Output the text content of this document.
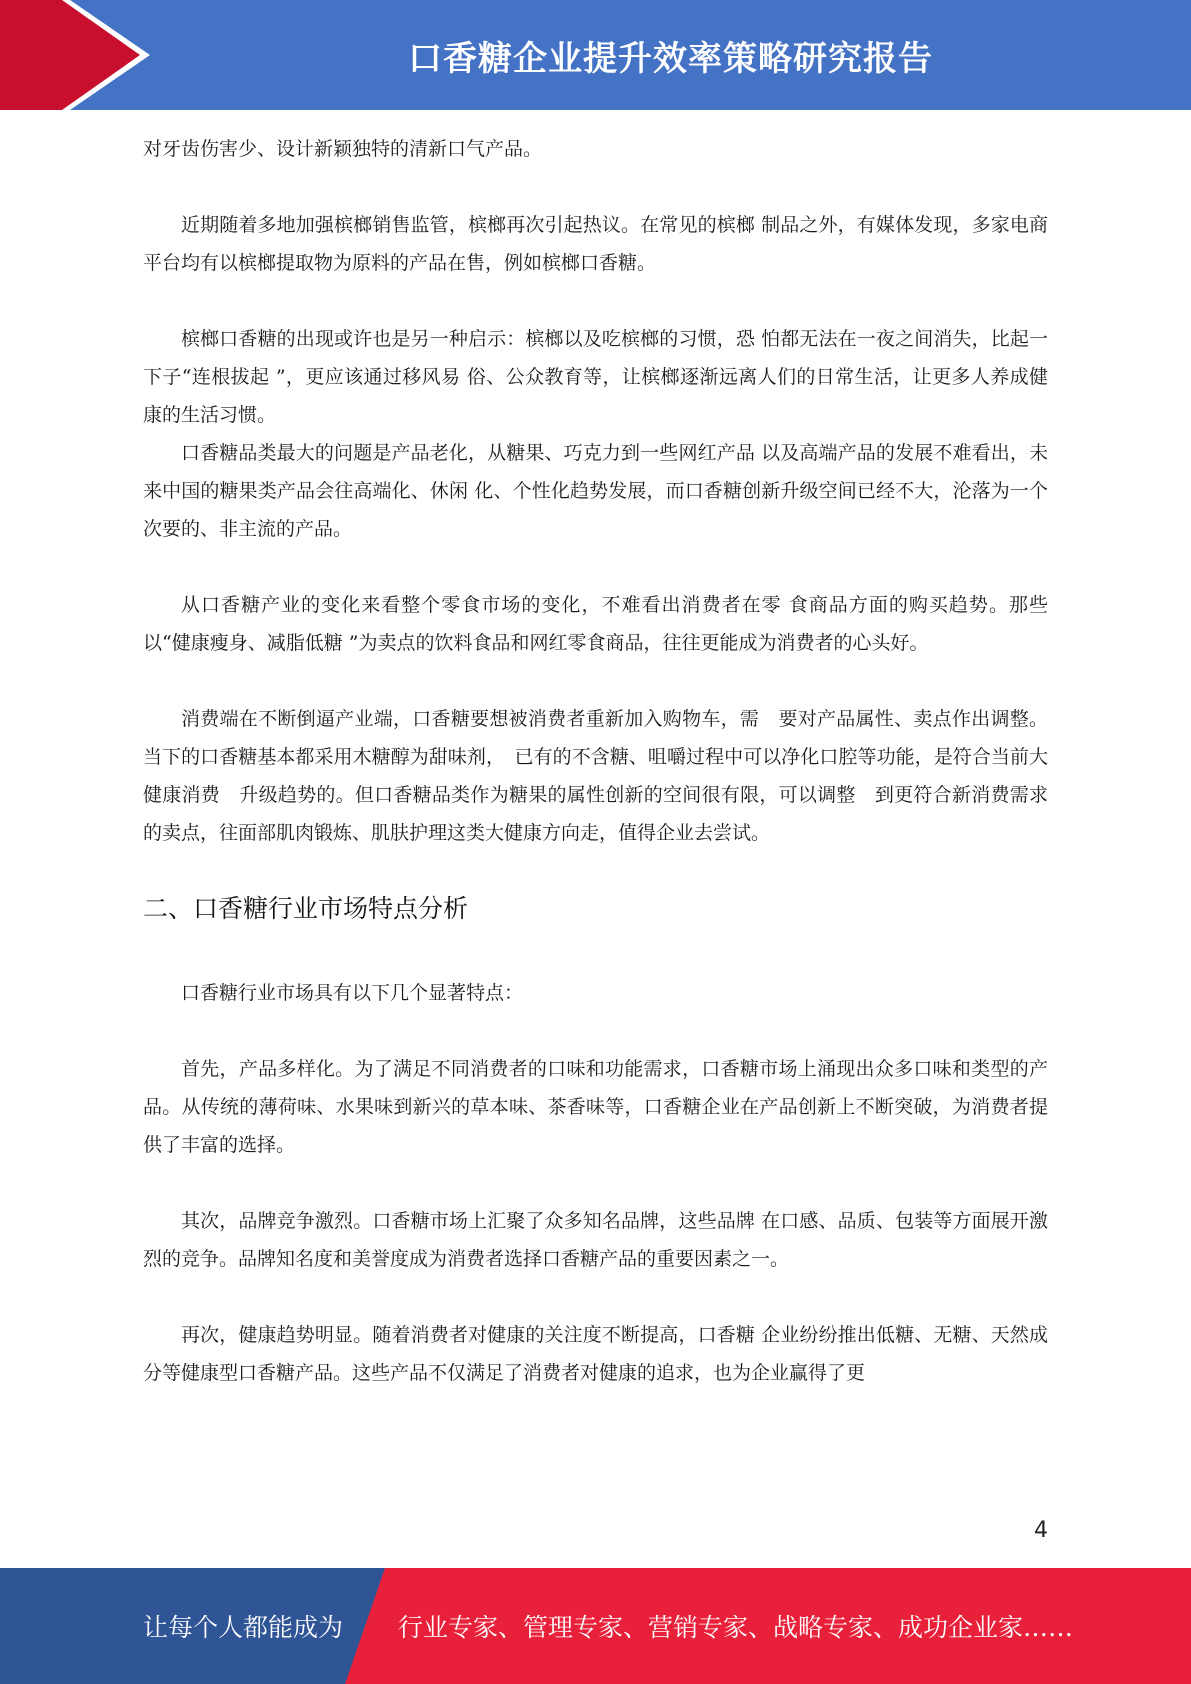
口香糖企业提升效率策略研究报告

对牙齿伤害少、设计新颖独特的清新口气产品。

近期随着多地加强槟榔销售监管，槟榔再次引起热议。在常见的槟榔 制品之外，有媒体发现，多家电商平台均有以槟榔提取物为原料的产品在售，例如槟榔口香糖。

槟榔口香糖的出现或许也是另一种启示：槟榔以及吃槟榔的习惯，恐 怕都无法在一夜之间消失，比起一下子“连根拔起 ”，更应该通过移风易 俗、公众教育等，让槟榔逐渐远离人们的日常生活，让更多人养成健康的生活习惯。

口香糖品类最大的问题是产品老化，从糖果、巧克力到一些网红产品 以及高端产品的发展不难看出，未来中国的糖果类产品会往高端化、休闲 化、个性化趋势发展，而口香糖创新升级空间已经不大，沦落为一个次要的、非主流的产品。

从口香糖产业的变化来看整个零食市场的变化，不难看出消费者在零 食商品方面的购买趋势。那些以“健康瘦身、减脂低糖 ”为卖点的饮料食品和网红零食商品，往往更能成为消费者的心头好。

消费端在不断倒逼产业端，口香糖要想被消费者重新加入购物车，需　要对产品属性、卖点作出调整。当下的口香糖基本都采用木糖醇为甜味剂，　已有的不含糖、咀嚼过程中可以净化口腔等功能，是符合当前大健康消费　升级趋势的。但口香糖品类作为糖果的属性创新的空间很有限，可以调整　到更符合新消费需求的卖点，往面部肌肉锻炼、肌肤护理这类大健康方向走，值得企业去尝试。

二、口香糖行业市场特点分析

口香糖行业市场具有以下几个显著特点：

首先，产品多样化。为了满足不同消费者的口味和功能需求，口香糖市场上涌现出众多口味和类型的产品。从传统的薄荷味、水果味到新兴的草本味、茶香味等，口香糖企业在产品创新上不断突破，为消费者提供了丰富的选择。

其次，品牌竞争激烈。口香糖市场上汇聚了众多知名品牌，这些品牌 在口感、品质、包装等方面展开激烈的竞争。品牌知名度和美誉度成为消费者选择口香糖产品的重要因素之一。

再次，健康趋势明显。随着消费者对健康的关注度不断提高，口香糖 企业纷纷推出低糖、无糖、天然成分等健康型口香糖产品。这些产品不仅满足了消费者对健康的追求，也为企业赢得了更

4
让每个人都能成为 行业专家、管理专家、营销专家、战略专家、成功企业家……
